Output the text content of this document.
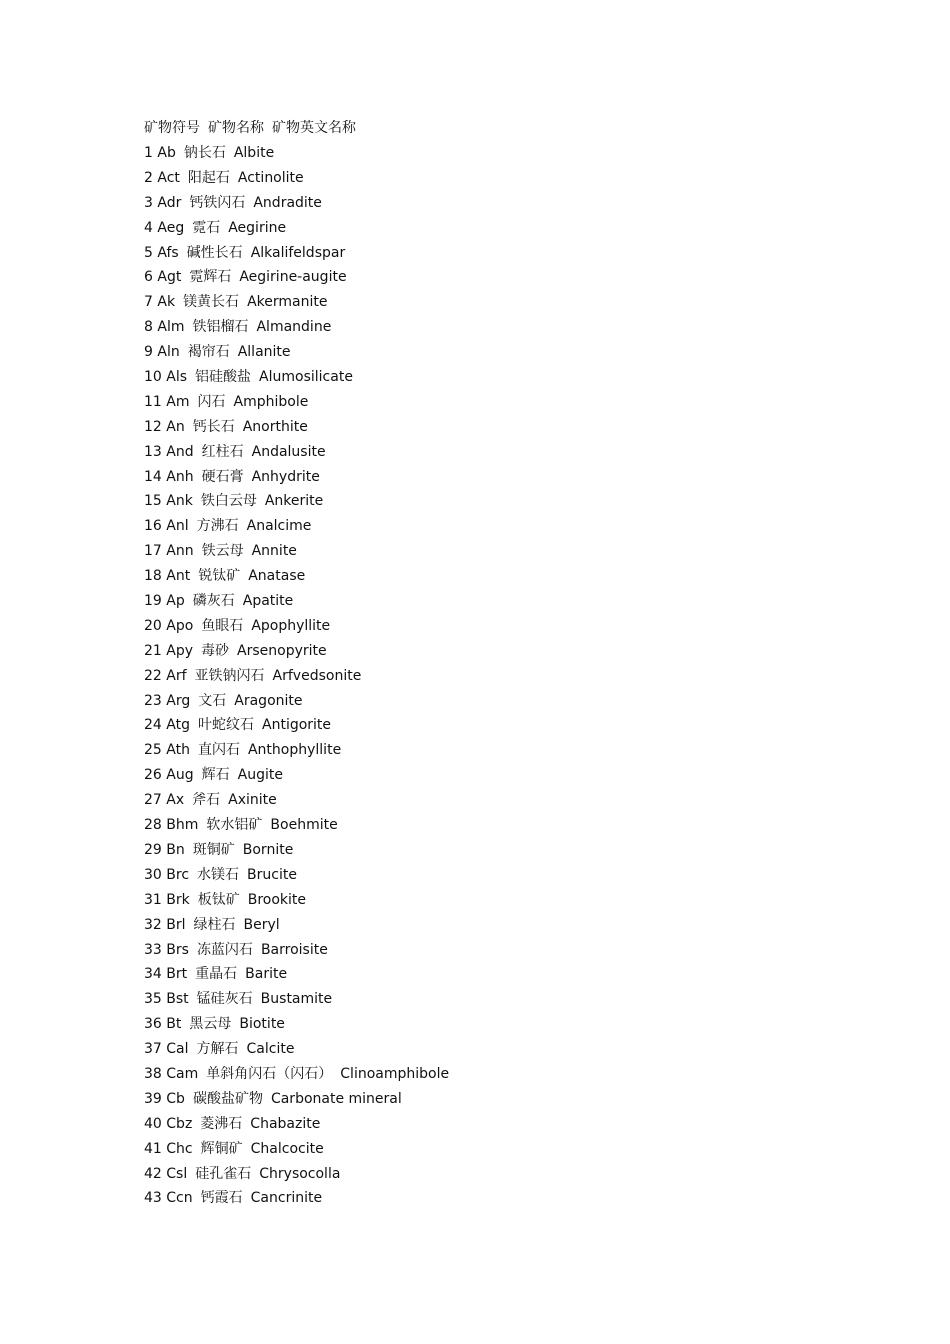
矿物符号 矿物名称 矿物英文名称
1 Ab 钠长石 Albite
2 Act 阳起石 Actinolite
3 Adr 钙铁闪石 Andradite
4 Aeg 霓石 Aegirine
5 Afs 碱性长石 Alkalifeldspar
6 Agt 霓辉石 Aegirine-augite
7 Ak 镁黄长石 Akermanite
8 Alm 铁铝榴石 Almandine
9 Aln 褐帘石 Allanite
10 Als 铝硅酸盐 Alumosilicate
11 Am 闪石 Amphibole
12 An 钙长石 Anorthite
13 And 红柱石 Andalusite
14 Anh 硬石膏 Anhydrite
15 Ank 铁白云母 Ankerite
16 Anl 方沸石 Analcime
17 Ann 铁云母 Annite
18 Ant 锐钛矿 Anatase
19 Ap 磷灰石 Apatite
20 Apo 鱼眼石 Apophyllite
21 Apy 毒砂 Arsenopyrite
22 Arf 亚铁钠闪石 Arfvedsonite
23 Arg 文石 Aragonite
24 Atg 叶蛇纹石 Antigorite
25 Ath 直闪石 Anthophyllite
26 Aug 辉石 Augite
27 Ax 斧石 Axinite
28 Bhm 软水铝矿 Boehmite
29 Bn 斑铜矿 Bornite
30 Brc 水镁石 Brucite
31 Brk 板钛矿 Brookite
32 Brl 绿柱石 Beryl
33 Brs 冻蓝闪石 Barroisite
34 Brt 重晶石 Barite
35 Bst 锰硅灰石 Bustamite
36 Bt 黑云母 Biotite
37 Cal 方解石 Calcite
38 Cam 单斜角闪石（闪石） Clinoamphibole
39 Cb 碳酸盐矿物 Carbonate mineral
40 Cbz 菱沸石 Chabazite
41 Chc 辉铜矿 Chalcocite
42 Csl 硅孔雀石 Chrysocolla
43 Ccn 钙霞石 Cancrinite
